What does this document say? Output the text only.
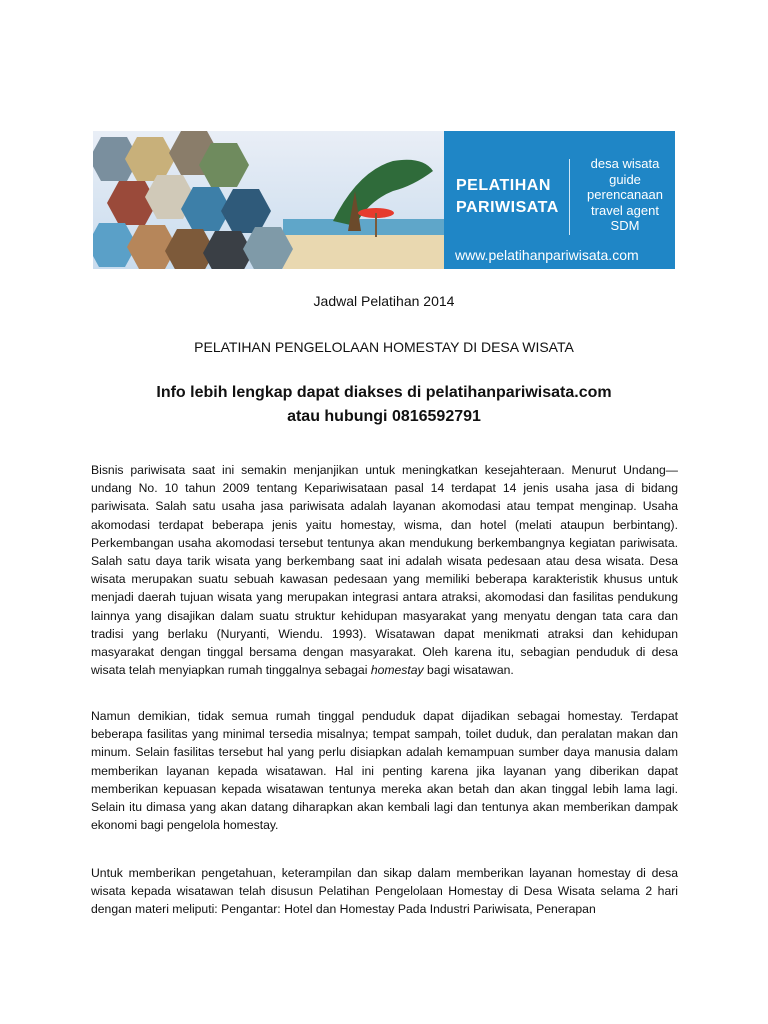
PELATIHAN
PARIWISATA
desa wisata
guide
perencanaan
travel agent
SDM
www.pelatihanpariwisata.com
Jadwal Pelatihan 2014
PELATIHAN PENGELOLAAN HOMESTAY DI DESA WISATA
Info lebih lengkap dapat diakses di pelatihanpariwisata.com
atau hubungi 0816592791
Bisnis pariwisata saat ini semakin menjanjikan untuk meningkatkan kesejahteraan. Menurut Undang—undang No. 10 tahun 2009 tentang Kepariwisataan pasal 14 terdapat 14 jenis usaha jasa di bidang pariwisata. Salah satu usaha jasa pariwisata adalah layanan akomodasi atau tempat menginap. Usaha akomodasi terdapat beberapa jenis yaitu homestay, wisma, dan hotel (melati ataupun berbintang). Perkembangan usaha akomodasi tersebut tentunya akan mendukung berkembangnya kegiatan pariwisata. Salah satu daya tarik wisata yang berkembang saat ini adalah wisata pedesaan atau desa wisata. Desa wisata merupakan suatu sebuah kawasan pedesaan yang memiliki beberapa karakteristik khusus untuk menjadi daerah tujuan wisata yang merupakan integrasi antara atraksi, akomodasi dan fasilitas pendukung lainnya yang disajikan dalam suatu struktur kehidupan masyarakat yang menyatu dengan tata cara dan tradisi yang berlaku (Nuryanti, Wiendu. 1993). Wisatawan dapat menikmati atraksi dan kehidupan masyarakat dengan tinggal bersama dengan masyarakat. Oleh karena itu, sebagian penduduk di desa wisata telah menyiapkan rumah tinggalnya sebagai homestay bagi wisatawan.
Namun demikian, tidak semua rumah tinggal penduduk dapat dijadikan sebagai homestay. Terdapat beberapa fasilitas yang minimal tersedia misalnya; tempat sampah, toilet duduk, dan peralatan makan dan minum. Selain fasilitas tersebut hal yang perlu disiapkan adalah kemampuan sumber daya manusia dalam memberikan layanan kepada wisatawan. Hal ini penting karena jika layanan yang diberikan dapat memberikan kepuasan kepada wisatawan tentunya mereka akan betah dan akan tinggal lebih lama lagi. Selain itu dimasa yang akan datang diharapkan akan kembali lagi dan tentunya akan memberikan dampak ekonomi bagi pengelola homestay.
Untuk memberikan pengetahuan, keterampilan dan sikap dalam memberikan layanan homestay di desa wisata kepada wisatawan telah disusun Pelatihan Pengelolaan Homestay di Desa Wisata selama 2 hari dengan materi meliputi: Pengantar: Hotel dan Homestay Pada Industri Pariwisata, Penerapan
